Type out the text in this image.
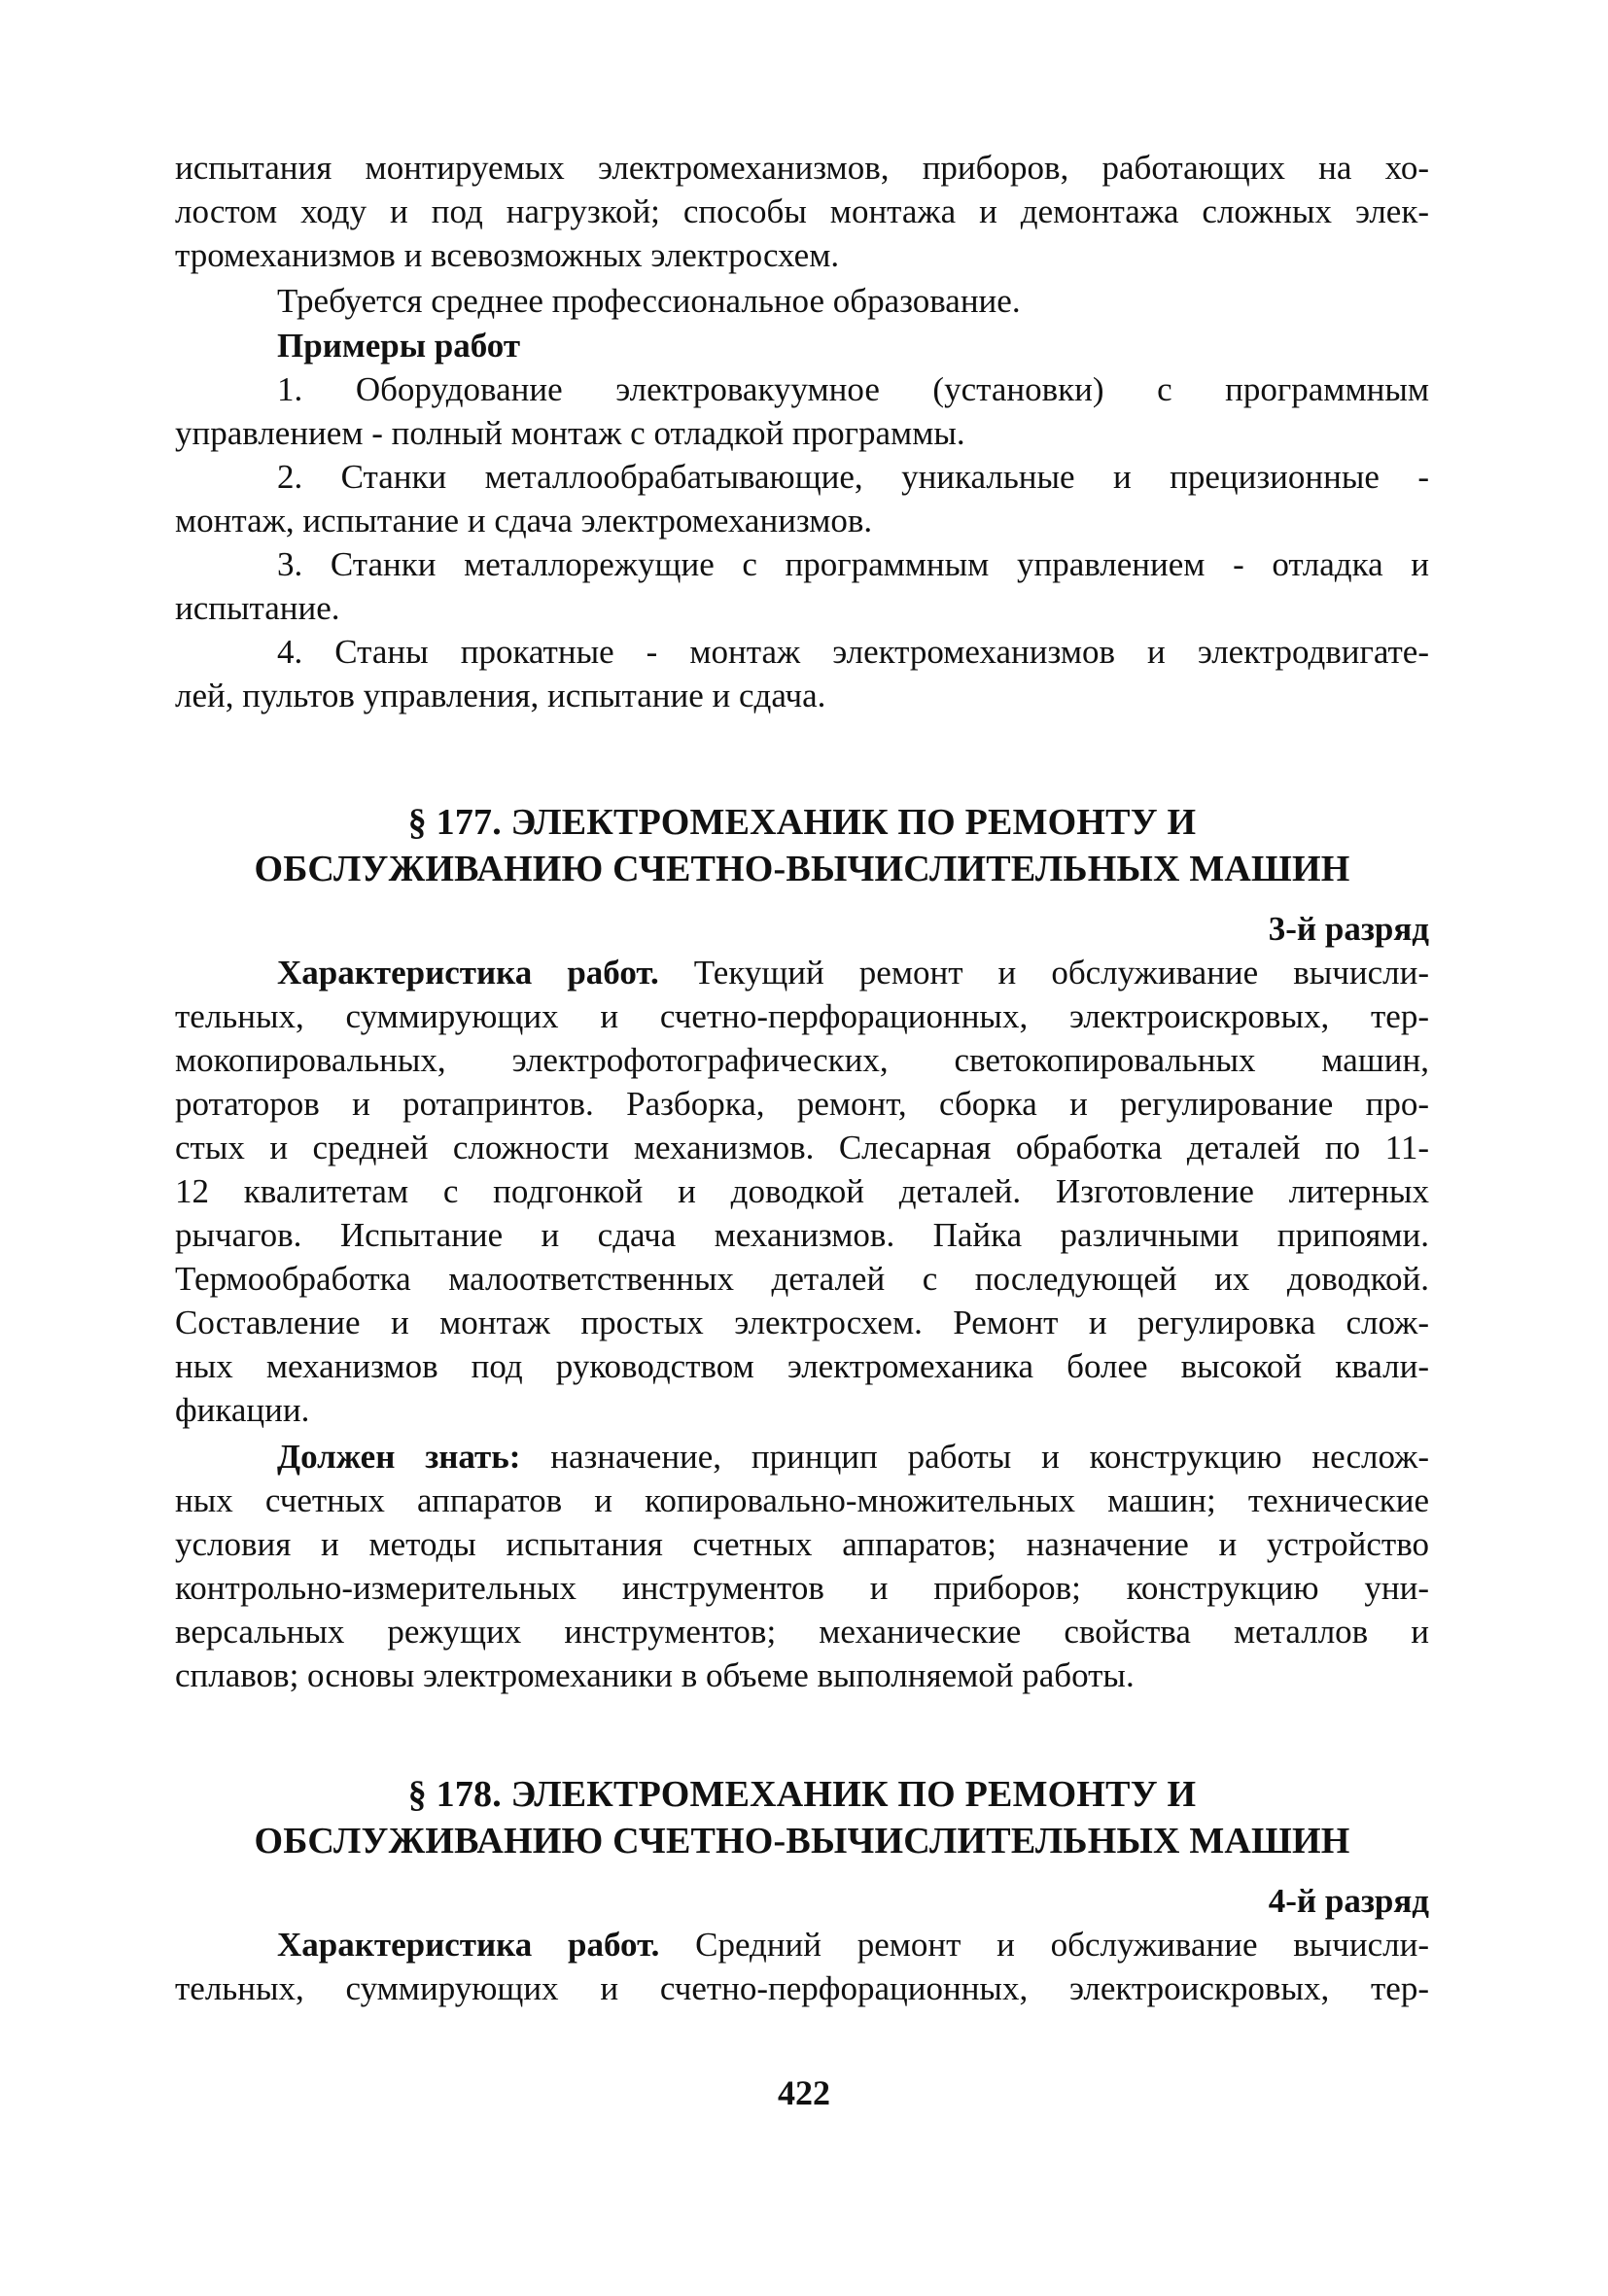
испытания монтируемых электромеханизмов, приборов, работающих на хо-
лостом ходу и под нагрузкой; способы монтажа и демонтажа сложных элек-
тромеханизмов и всевозможных электросхем.
Требуется среднее профессиональное образование.
Примеры работ
1. Оборудование электровакуумное (установки) с программным
управлением - полный монтаж с отладкой программы.
2. Станки металлообрабатывающие, уникальные и прецизионные -
монтаж, испытание и сдача электромеханизмов.
3. Станки металлорежущие с программным управлением - отладка и
испытание.
4. Станы прокатные - монтаж электромеханизмов и электродвигате-
лей, пультов управления, испытание и сдача.
§ 177. ЭЛЕКТРОМЕХАНИК ПО РЕМОНТУ И
ОБСЛУЖИВАНИЮ СЧЕТНО-ВЫЧИСЛИТЕЛЬНЫХ МАШИН
3-й разряд
Характеристика работ. Текущий ремонт и обслуживание вычисли-
тельных, суммирующих и счетно-перфорационных, электроискровых, тер-
мокопировальных, электрофотографических, светокопировальных машин,
ротаторов и ротапринтов. Разборка, ремонт, сборка и регулирование про-
стых и средней сложности механизмов. Слесарная обработка деталей по 11-
12 квалитетам с подгонкой и доводкой деталей. Изготовление литерных
рычагов. Испытание и сдача механизмов. Пайка различными припоями.
Термообработка малоответственных деталей с последующей их доводкой.
Составление и монтаж простых электросхем. Ремонт и регулировка слож-
ных механизмов под руководством электромеханика более высокой квали-
фикации.
Должен знать: назначение, принцип работы и конструкцию неслож-
ных счетных аппаратов и копировально-множительных машин; технические
условия и методы испытания счетных аппаратов; назначение и устройство
контрольно-измерительных инструментов и приборов; конструкцию уни-
версальных режущих инструментов; механические свойства металлов и
сплавов; основы электромеханики в объеме выполняемой работы.
§ 178. ЭЛЕКТРОМЕХАНИК ПО РЕМОНТУ И
ОБСЛУЖИВАНИЮ СЧЕТНО-ВЫЧИСЛИТЕЛЬНЫХ МАШИН
4-й разряд
Характеристика работ. Средний ремонт и обслуживание вычисли-
тельных, суммирующих и счетно-перфорационных, электроискровых, тер-
422
